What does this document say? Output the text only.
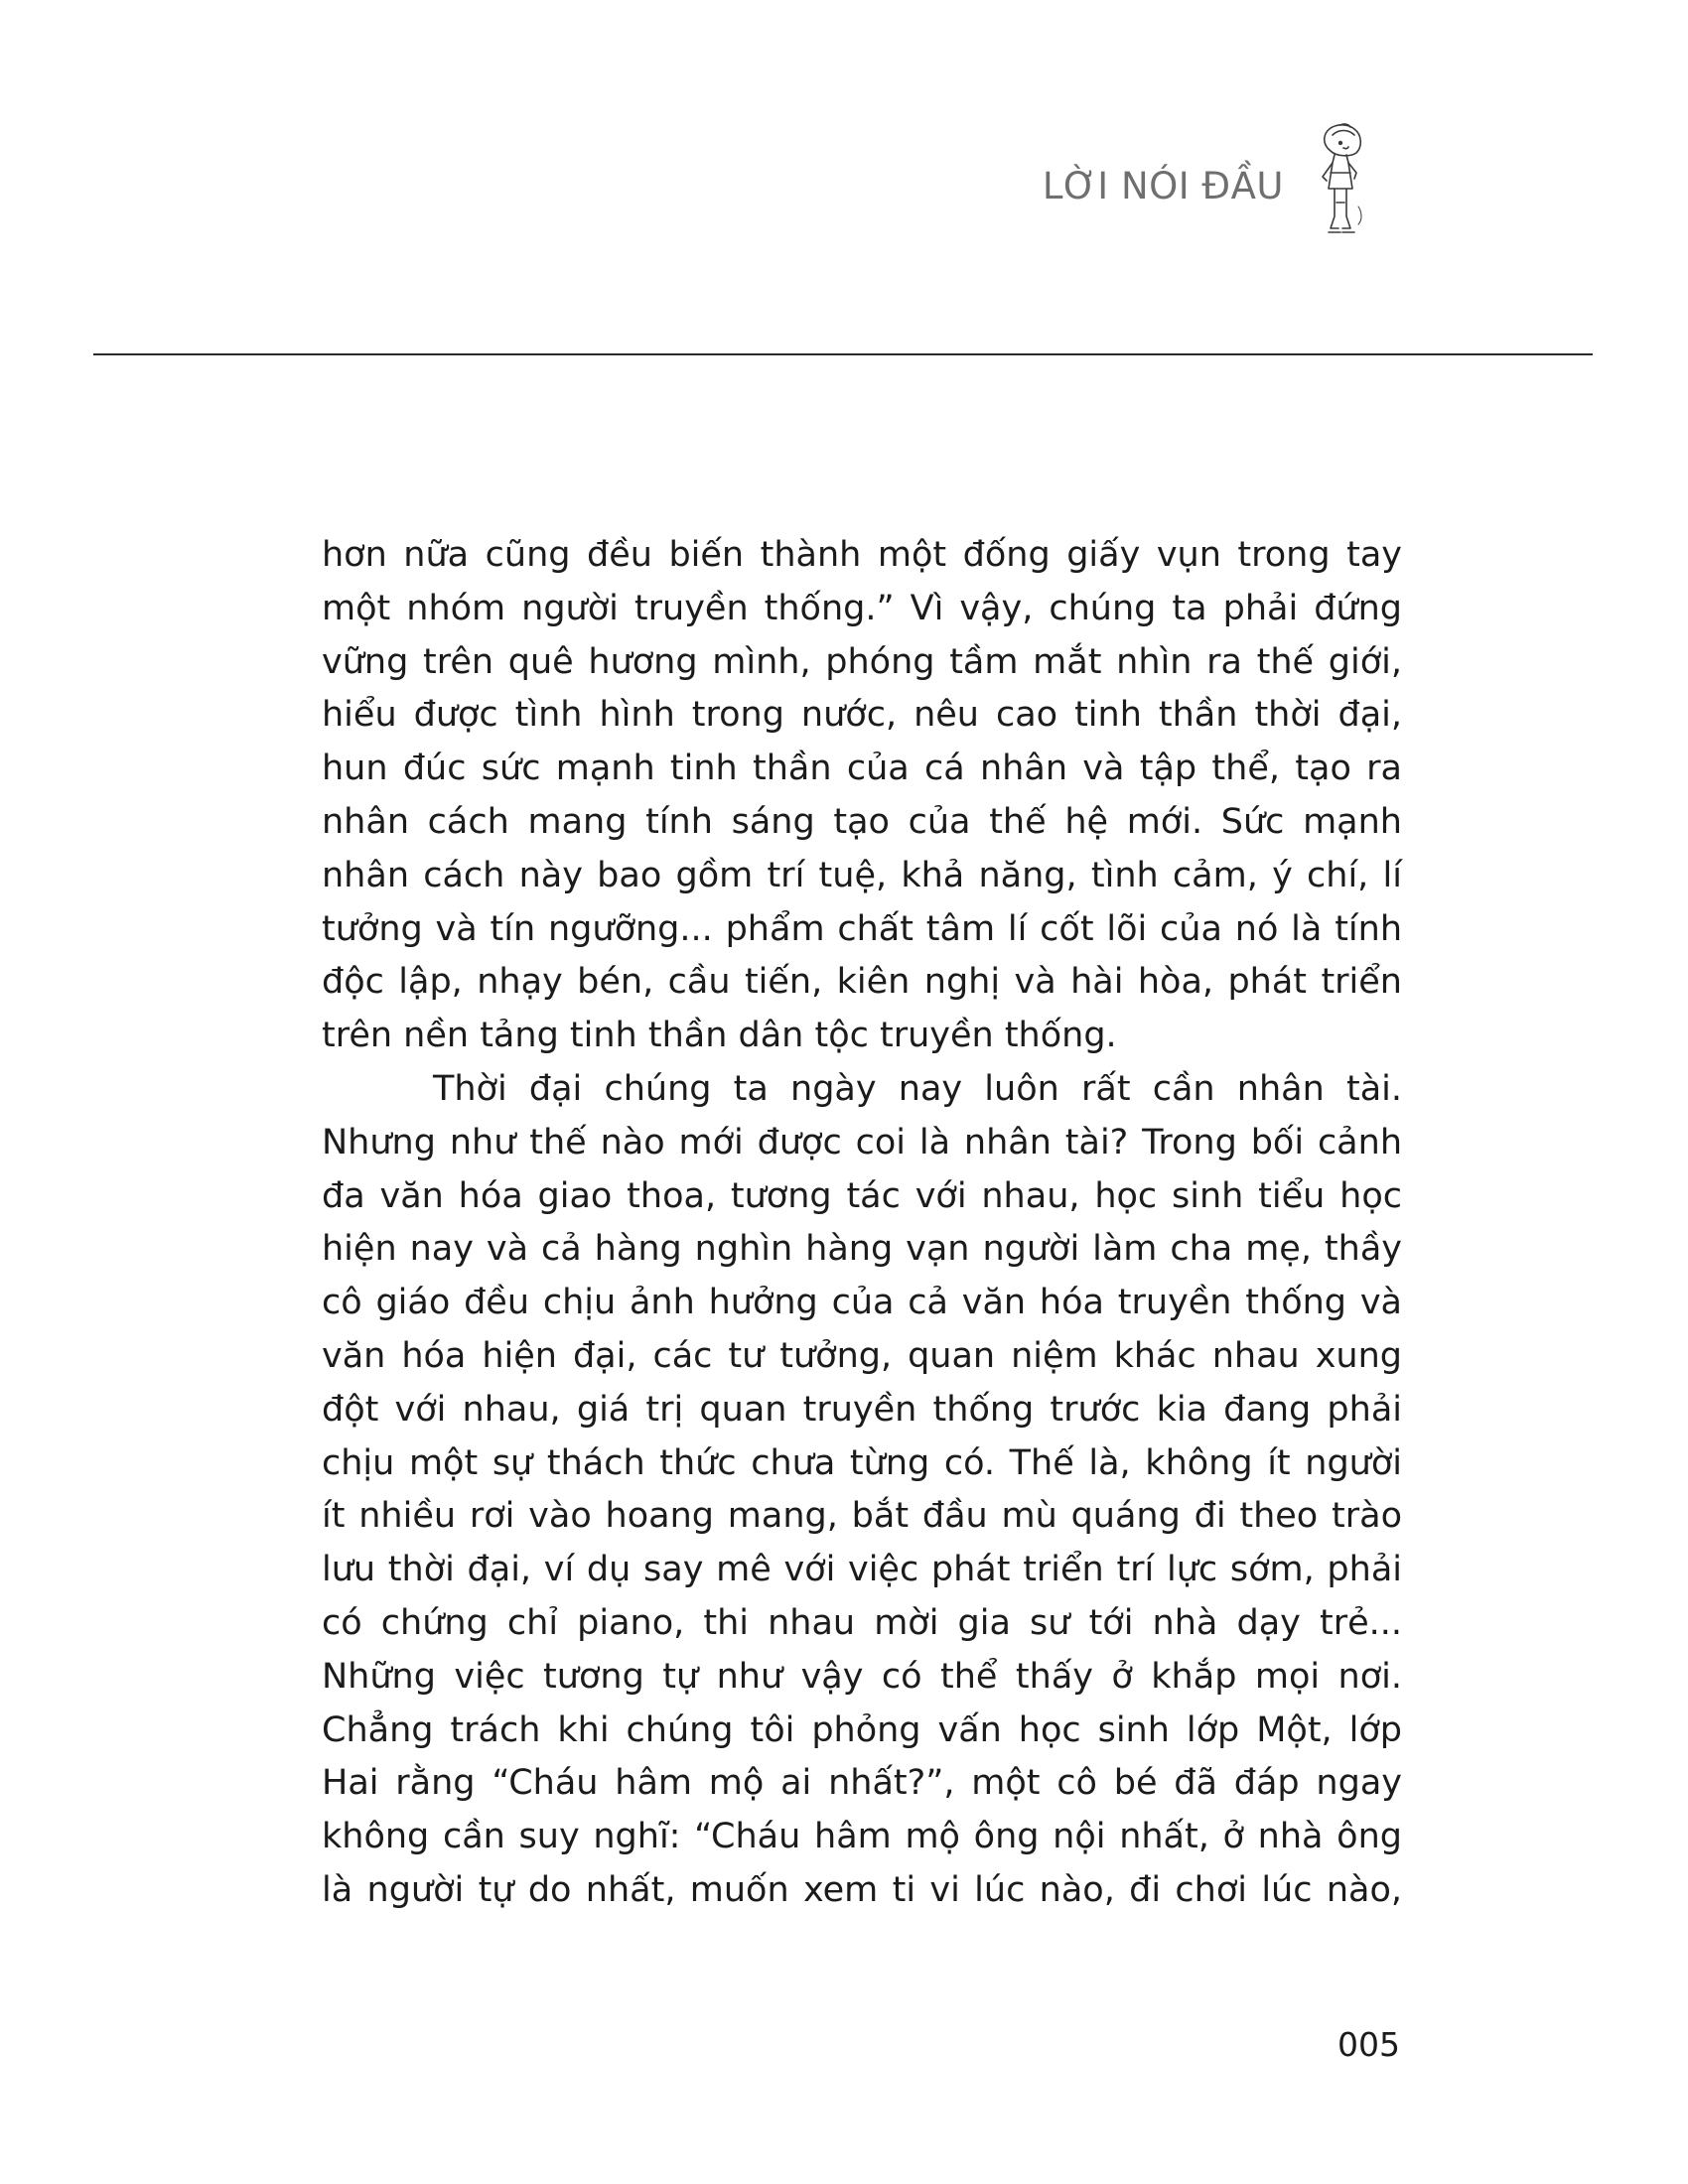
LỜI NÓI ĐẦU
hơn nữa cũng đều biến thành một đống giấy vụn trong tay
một nhóm người truyền thống.” Vì vậy, chúng ta phải đứng
vững trên quê hương mình, phóng tầm mắt nhìn ra thế giới,
hiểu được tình hình trong nước, nêu cao tinh thần thời đại,
hun đúc sức mạnh tinh thần của cá nhân và tập thể, tạo ra
nhân cách mang tính sáng tạo của thế hệ mới. Sức mạnh
nhân cách này bao gồm trí tuệ, khả năng, tình cảm, ý chí, lí
tưởng và tín ngưỡng... phẩm chất tâm lí cốt lõi của nó là tính
độc lập, nhạy bén, cầu tiến, kiên nghị và hài hòa, phát triển
trên nền tảng tinh thần dân tộc truyền thống.
Thời đại chúng ta ngày nay luôn rất cần nhân tài.
Nhưng như thế nào mới được coi là nhân tài? Trong bối cảnh
đa văn hóa giao thoa, tương tác với nhau, học sinh tiểu học
hiện nay và cả hàng nghìn hàng vạn người làm cha mẹ, thầy
cô giáo đều chịu ảnh hưởng của cả văn hóa truyền thống và
văn hóa hiện đại, các tư tưởng, quan niệm khác nhau xung
đột với nhau, giá trị quan truyền thống trước kia đang phải
chịu một sự thách thức chưa từng có. Thế là, không ít người
ít nhiều rơi vào hoang mang, bắt đầu mù quáng đi theo trào
lưu thời đại, ví dụ say mê với việc phát triển trí lực sớm, phải
có chứng chỉ piano, thi nhau mời gia sư tới nhà dạy trẻ...
Những việc tương tự như vậy có thể thấy ở khắp mọi nơi.
Chẳng trách khi chúng tôi phỏng vấn học sinh lớp Một, lớp
Hai rằng “Cháu hâm mộ ai nhất?”, một cô bé đã đáp ngay
không cần suy nghĩ: “Cháu hâm mộ ông nội nhất, ở nhà ông
là người tự do nhất, muốn xem ti vi lúc nào, đi chơi lúc nào,
005
